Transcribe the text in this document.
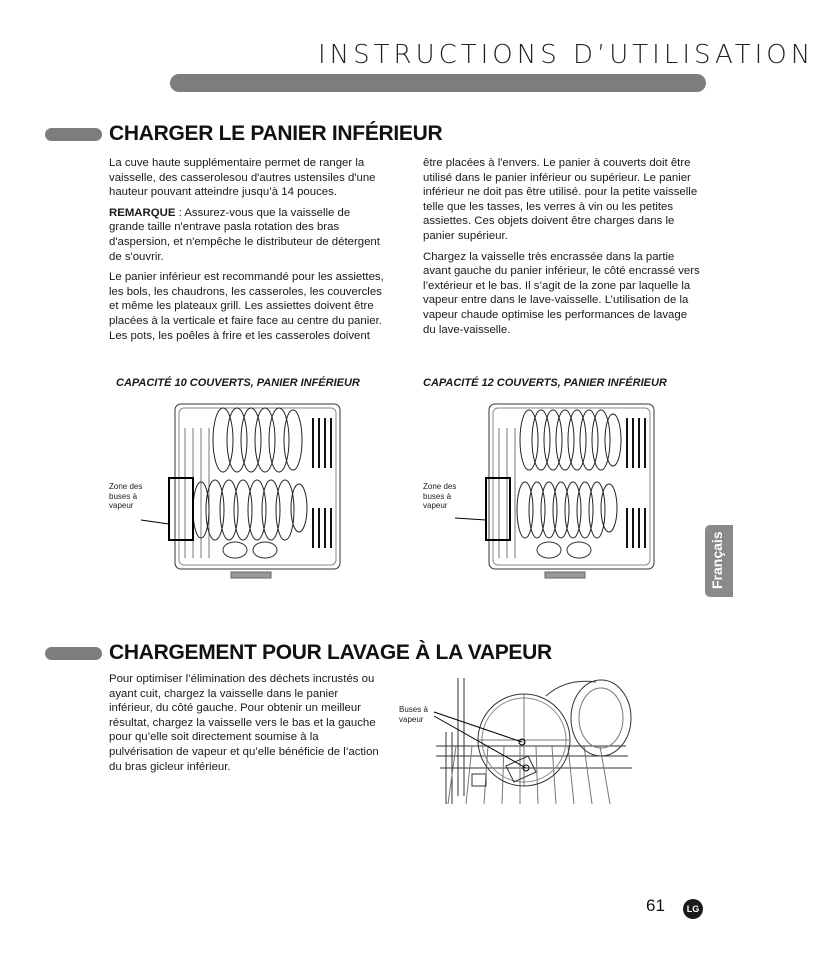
INSTRUCTIONS D’UTILISATION
CHARGER LE PANIER INFÉRIEUR

La cuve haute supplémentaire permet de ranger la vaisselle, des casserolesou d'autres ustensiles d'une hauteur pouvant atteindre jusqu’à 14 pouces.

REMARQUE : Assurez-vous que la vaisselle de grande taille n'entrave pasla rotation des bras d'aspersion, et n'empêche le distributeur de détergent de s'ouvrir.

Le panier inférieur est recommandé pour les assiettes, les bols, les chaudrons, les casseroles, les couvercles et même les plateaux grill. Les assiettes doivent être placées à la verticale et faire face au centre du panier. Les pots, les poêles à frire et les casseroles doivent

être placées à l'envers. Le panier à couverts doit être utilisé dans le panier inférieur ou supérieur. Le panier inférieur ne doit pas être utilisé. pour la petite vaisselle telle que les tasses, les verres à vin ou les petites assiettes. Ces objets doivent être charges dans le panier supérieur.

Chargez la vaisselle très encrassée dans la partie avant gauche du panier inférieur, le côté encrassé vers l’extérieur et le bas. Il s’agit de la zone par laquelle la vapeur entre dans le lave-vaisselle. L’utilisation de la vapeur chaude optimise les performances de lavage du lave-vaisselle.

CAPACITÉ 10 COUVERTS, PANIER INFÉRIEUR	CAPACITÉ 12 COUVERTS, PANIER INFÉRIEUR
Zone des buses à vapeur
Zone des buses à vapeur
Français
CHARGEMENT POUR LAVAGE À LA VAPEUR

Pour optimiser l’élimination des déchets incrustés ou ayant cuit, chargez la vaisselle dans le panier inférieur, du côté gauche. Pour obtenir un meilleur résultat, chargez la vaisselle vers le bas et la gauche pour qu’elle soit directement soumise à la pulvérisation de vapeur et qu’elle bénéficie de l’action du bras gicleur inférieur.

Buses à vapeur
61	LG
